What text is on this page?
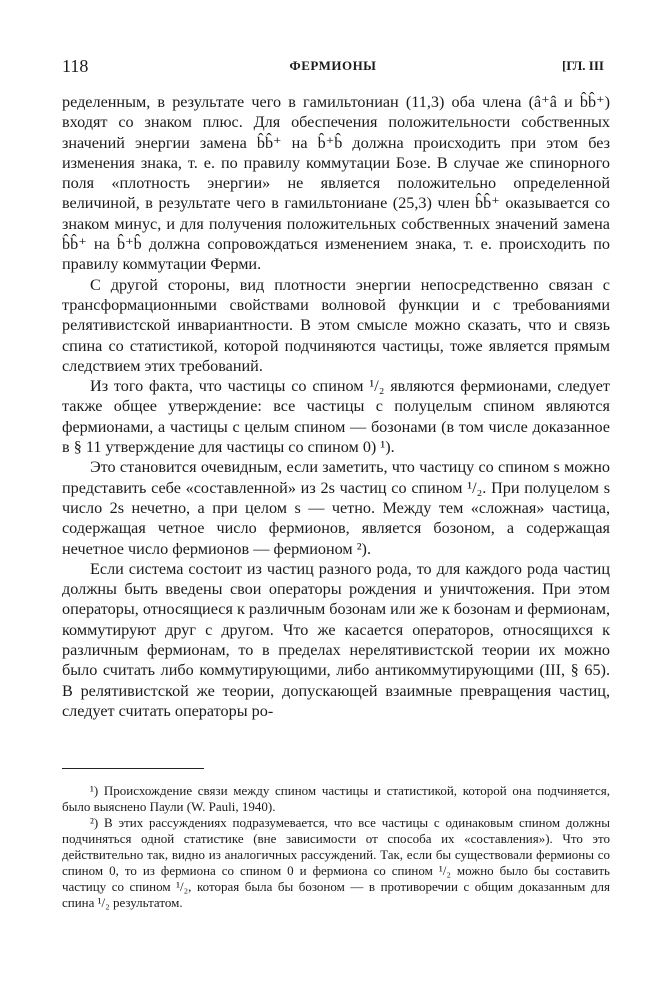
118	ФЕРМИОНЫ	[ГЛ. III

ределенным, в результате чего в гамильтониан (11,3) оба члена (â⁺â и b̂b̂⁺) входят со знаком плюс. Для обеспечения положительности собственных значений энергии замена b̂b̂⁺ на b̂⁺b̂ должна происходить при этом без изменения знака, т. е. по правилу коммутации Бозе. В случае же спинорного поля «плотность энергии» не является положительно определенной величиной, в результате чего в гамильтониане (25,3) член b̂b̂⁺ оказывается со знаком минус, и для получения положительных собственных значений замена b̂b̂⁺ на b̂⁺b̂ должна сопровождаться изменением знака, т. е. происходить по правилу коммутации Ферми.

С другой стороны, вид плотности энергии непосредственно связан с трансформационными свойствами волновой функции и с требованиями релятивистской инвариантности. В этом смысле можно сказать, что и связь спина со статистикой, которой подчиняются частицы, тоже является прямым следствием этих требований.

Из того факта, что частицы со спином ¹/₂ являются фермионами, следует также общее утверждение: все частицы с полуцелым спином являются фермионами, а частицы с целым спином — бозонами (в том числе доказанное в § 11 утверждение для частицы со спином 0) ¹).

Это становится очевидным, если заметить, что частицу со спином s можно представить себе «составленной» из 2s частиц со спином ¹/₂. При полуцелом s число 2s нечетно, а при целом s — четно. Между тем «сложная» частица, содержащая четное число фермионов, является бозоном, а содержащая нечетное число фермионов — фермионом ²).

Если система состоит из частиц разного рода, то для каждого рода частиц должны быть введены свои операторы рождения и уничтожения. При этом операторы, относящиеся к различным бозонам или же к бозонам и фермионам, коммутируют друг с другом. Что же касается операторов, относящихся к различным фермионам, то в пределах нерелятивистской теории их можно было считать либо коммутирующими, либо антикоммутирующими (III, § 65). В релятивистской же теории, допускающей взаимные превращения частиц, следует считать операторы ро-

¹) Происхождение связи между спином частицы и статистикой, которой она подчиняется, было выяснено Паули (W. Pauli, 1940).

²) В этих рассуждениях подразумевается, что все частицы с одинаковым спином должны подчиняться одной статистике (вне зависимости от способа их «составления»). Что это действительно так, видно из аналогичных рассуждений. Так, если бы существовали фермионы со спином 0, то из фермиона со спином 0 и фермиона со спином ¹/₂ можно было бы составить частицу со спином ¹/₂, которая была бы бозоном — в противоречии с общим доказанным для спина ¹/₂ результатом.
